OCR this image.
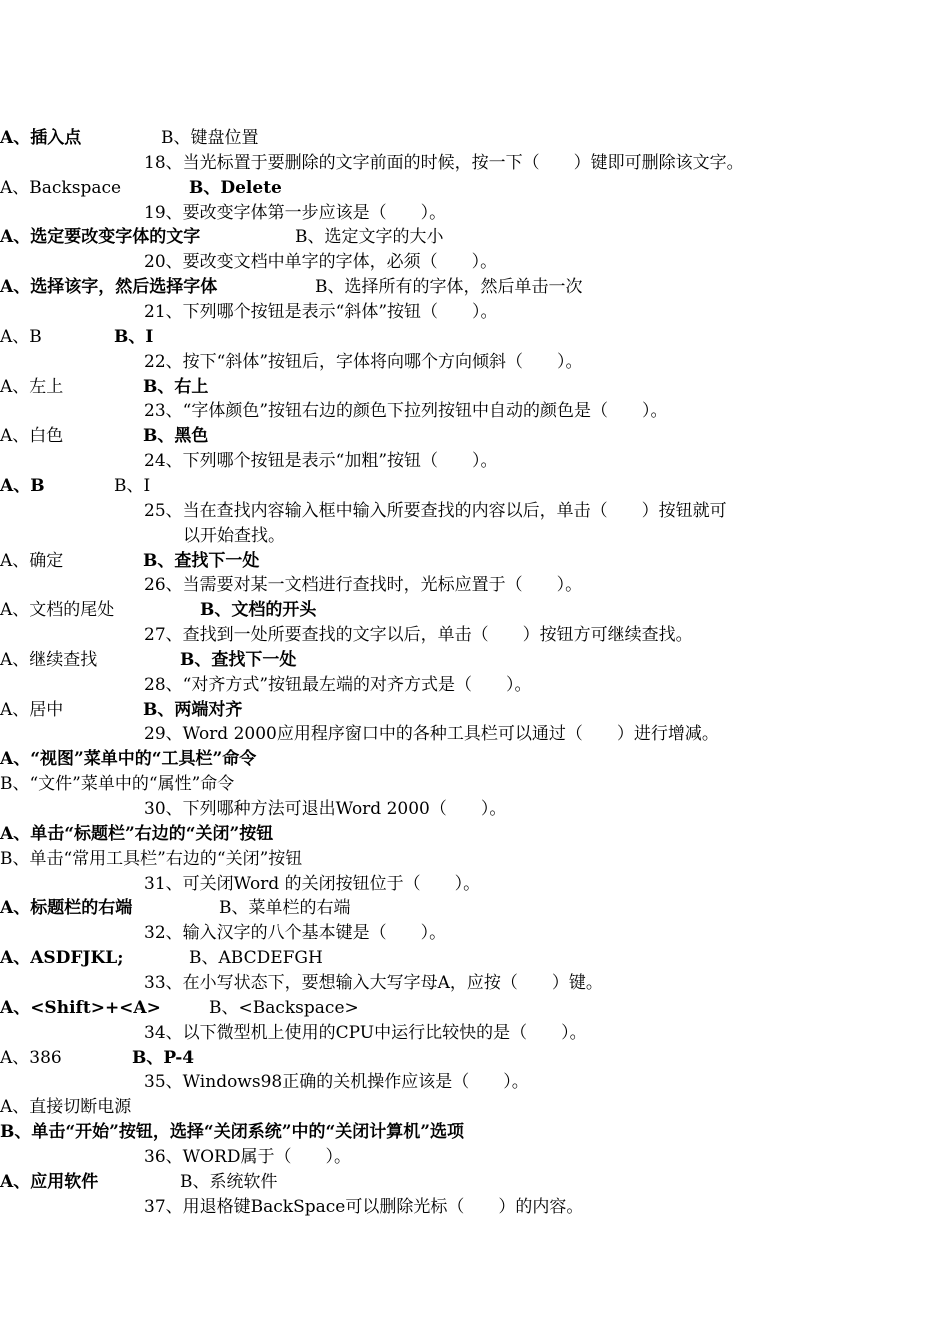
A、插入点	B、键盘位置
18、当光标置于要删除的文字前面的时候，按一下（　　）键即可删除该文字。
A、Backspace	B、Delete
19、要改变字体第一步应该是（　　）。
A、选定要改变字体的文字	B、选定文字的大小
20、要改变文档中单字的字体，必须（　　）。
A、选择该字，然后选择字体	B、选择所有的字体，然后单击一次
21、下列哪个按钮是表示“斜体”按钮（　　）。
A、B	B、I
22、按下“斜体”按钮后，字体将向哪个方向倾斜（　　）。
A、左上	B、右上
23、“字体颜色”按钮右边的颜色下拉列按钮中自动的颜色是（　　）。
A、白色	B、黑色
24、下列哪个按钮是表示“加粗”按钮（　　）。
A、B	B、I
25、当在查找内容输入框中输入所要查找的内容以后，单击（　　）按钮就可
以开始查找。
A、确定	B、查找下一处
26、当需要对某一文档进行查找时，光标应置于（　　）。
A、文档的尾处	B、文档的开头
27、查找到一处所要查找的文字以后，单击（　　）按钮方可继续查找。
A、继续查找	B、查找下一处
28、“对齐方式”按钮最左端的对齐方式是（　　）。
A、居中	B、两端对齐
29、Word 2000应用程序窗口中的各种工具栏可以通过（　　）进行增减。
A、“视图”菜单中的“工具栏”命令
B、“文件”菜单中的“属性”命令
30、下列哪种方法可退出Word 2000（　　）。
A、单击“标题栏”右边的“关闭”按钮
B、单击“常用工具栏”右边的“关闭”按钮
31、可关闭Word 的关闭按钮位于（　　）。
A、标题栏的右端	B、菜单栏的右端
32、输入汉字的八个基本键是（　　）。
A、ASDFJKL;	B、ABCDEFGH
33、在小写状态下，要想输入大写字母A，应按（　　）键。
A、<Shift>+<A>	B、<Backspace>
34、以下微型机上使用的CPU中运行比较快的是（　　）。
A、386	B、P-4
35、Windows98正确的关机操作应该是（　　）。
A、直接切断电源
B、单击“开始”按钮，选择“关闭系统”中的“关闭计算机”选项
36、WORD属于（　　）。
A、应用软件	B、系统软件
37、用退格键BackSpace可以删除光标（　　）的内容。
